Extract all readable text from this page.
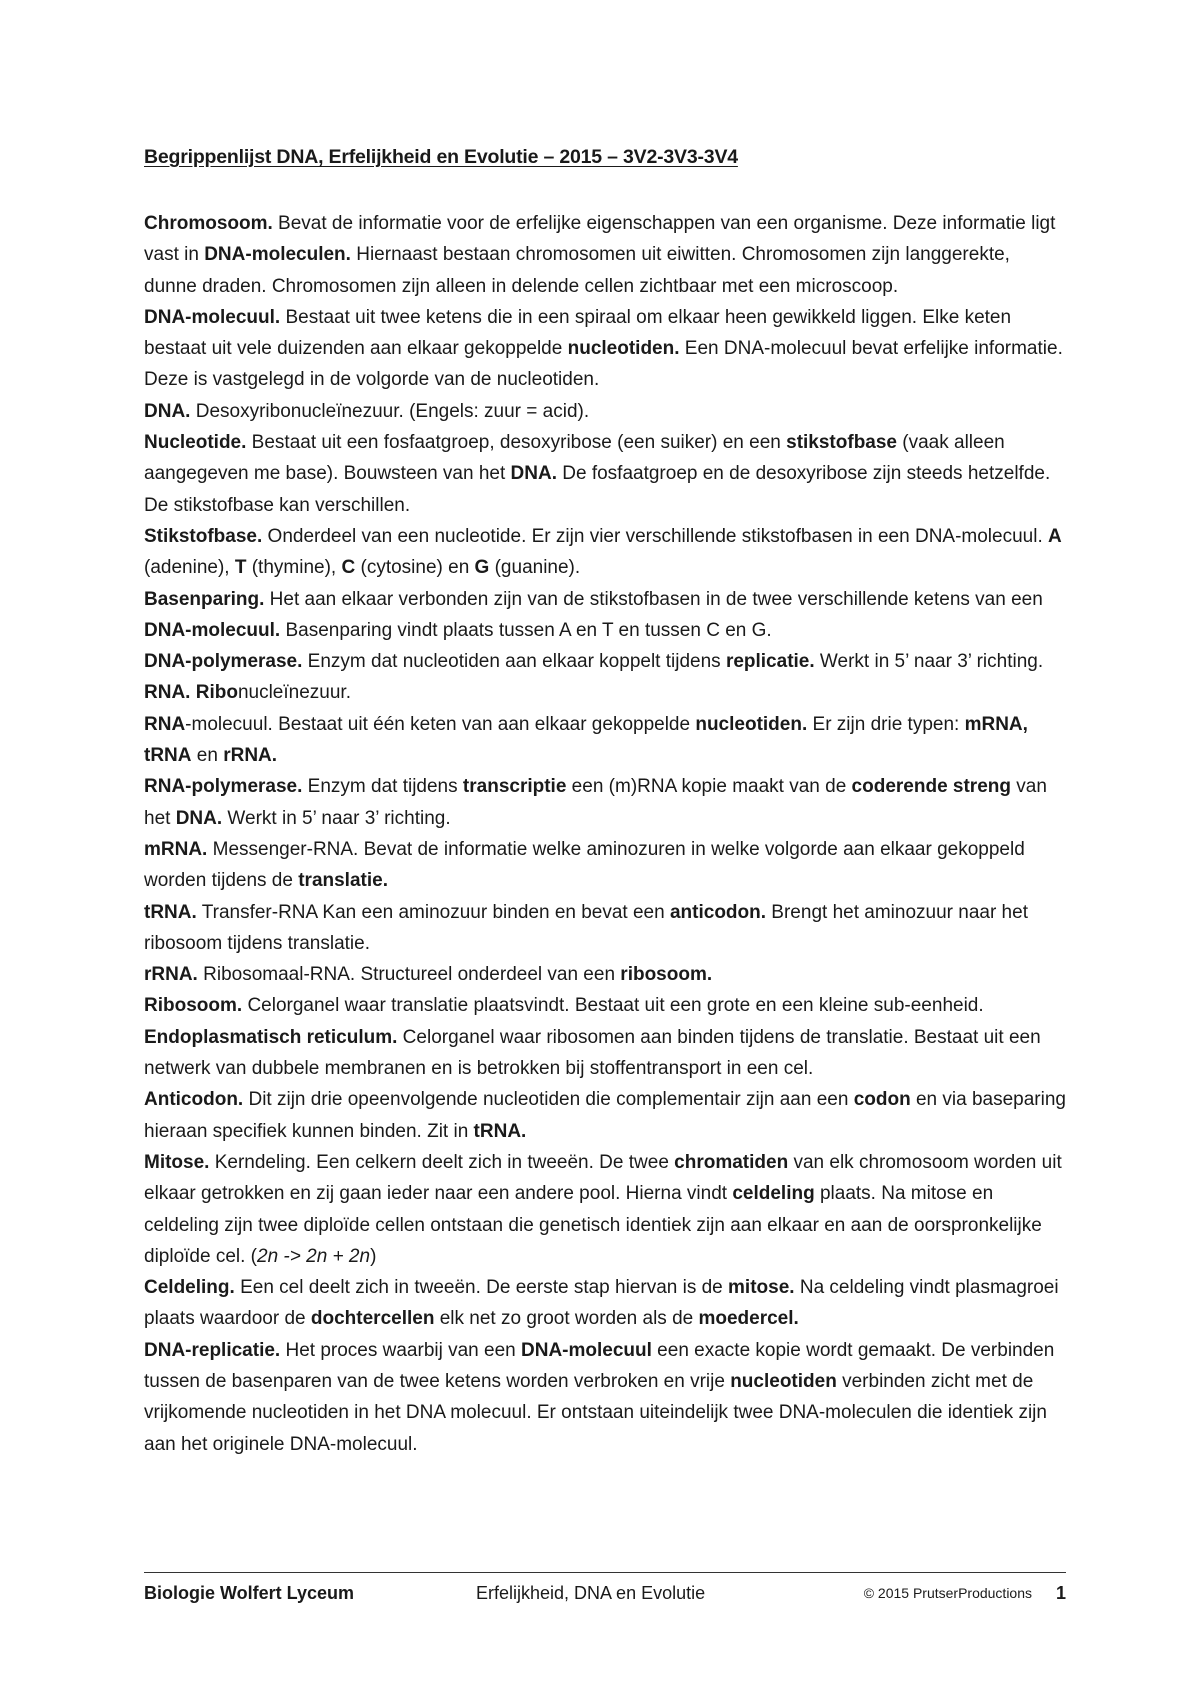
Begrippenlijst DNA, Erfelijkheid en Evolutie – 2015 – 3V2-3V3-3V4

Chromosoom. Bevat de informatie voor de erfelijke eigenschappen van een organisme. Deze informatie ligt vast in DNA-moleculen. Hiernaast bestaan chromosomen uit eiwitten. Chromosomen zijn langgerekte, dunne draden. Chromosomen zijn alleen in delende cellen zichtbaar met een microscoop.

DNA-molecuul. Bestaat uit twee ketens die in een spiraal om elkaar heen gewikkeld liggen. Elke keten bestaat uit vele duizenden aan elkaar gekoppelde nucleotiden. Een DNA-molecuul bevat erfelijke informatie. Deze is vastgelegd in de volgorde van de nucleotiden.

DNA. Desoxyribonucleïnezuur. (Engels: zuur = acid).

Nucleotide. Bestaat uit een fosfaatgroep, desoxyribose (een suiker) en een stikstofbase (vaak alleen aangegeven me base). Bouwsteen van het DNA. De fosfaatgroep en de desoxyribose zijn steeds hetzelfde. De stikstofbase kan verschillen.

Stikstofbase. Onderdeel van een nucleotide. Er zijn vier verschillende stikstofbasen in een DNA-molecuul. A (adenine), T (thymine), C (cytosine) en G (guanine).

Basenparing. Het aan elkaar verbonden zijn van de stikstofbasen in de twee verschillende ketens van een DNA-molecuul. Basenparing vindt plaats tussen A en T en tussen C en G.

DNA-polymerase. Enzym dat nucleotiden aan elkaar koppelt tijdens replicatie. Werkt in 5’ naar 3’ richting.

RNA. Ribonucleïnezuur.

RNA-molecuul. Bestaat uit één keten van aan elkaar gekoppelde nucleotiden. Er zijn drie typen: mRNA, tRNA en rRNA.

RNA-polymerase. Enzym dat tijdens transcriptie een (m)RNA kopie maakt van de coderende streng van het DNA. Werkt in 5’ naar 3’ richting.

mRNA. Messenger-RNA. Bevat de informatie welke aminozuren in welke volgorde aan elkaar gekoppeld worden tijdens de translatie.

tRNA. Transfer-RNA Kan een aminozuur binden en bevat een anticodon. Brengt het aminozuur naar het ribosoom tijdens translatie.

rRNA. Ribosomaal-RNA. Structureel onderdeel van een ribosoom.

Ribosoom. Celorganel waar translatie plaatsvindt. Bestaat uit een grote en een kleine sub-eenheid.

Endoplasmatisch reticulum. Celorganel waar ribosomen aan binden tijdens de translatie. Bestaat uit een netwerk van dubbele membranen en is betrokken bij stoffentransport in een cel.

Anticodon. Dit zijn drie opeenvolgende nucleotiden die complementair zijn aan een codon en via baseparing hieraan specifiek kunnen binden. Zit in tRNA.

Mitose. Kerndeling. Een celkern deelt zich in tweeën. De twee chromatiden van elk chromosoom worden uit elkaar getrokken en zij gaan ieder naar een andere pool. Hierna vindt celdeling plaats. Na mitose en celdeling zijn twee diploïde cellen ontstaan die genetisch identiek zijn aan elkaar en aan de oorspronkelijke diploïde cel. (2n -> 2n + 2n)

Celdeling. Een cel deelt zich in tweeën. De eerste stap hiervan is de mitose. Na celdeling vindt plasmagroei plaats waardoor de dochtercellen elk net zo groot worden als de moedercel.

DNA-replicatie. Het proces waarbij van een DNA-molecuul een exacte kopie wordt gemaakt. De verbinden tussen de basenparen van de twee ketens worden verbroken en vrije nucleotiden verbinden zicht met de vrijkomende nucleotiden in het DNA molecuul. Er ontstaan uiteindelijk twee DNA-moleculen die identiek zijn aan het originele DNA-molecuul.

Biologie Wolfert Lyceum	Erfelijkheid, DNA en Evolutie	© 2015 PrutserProductions 1
